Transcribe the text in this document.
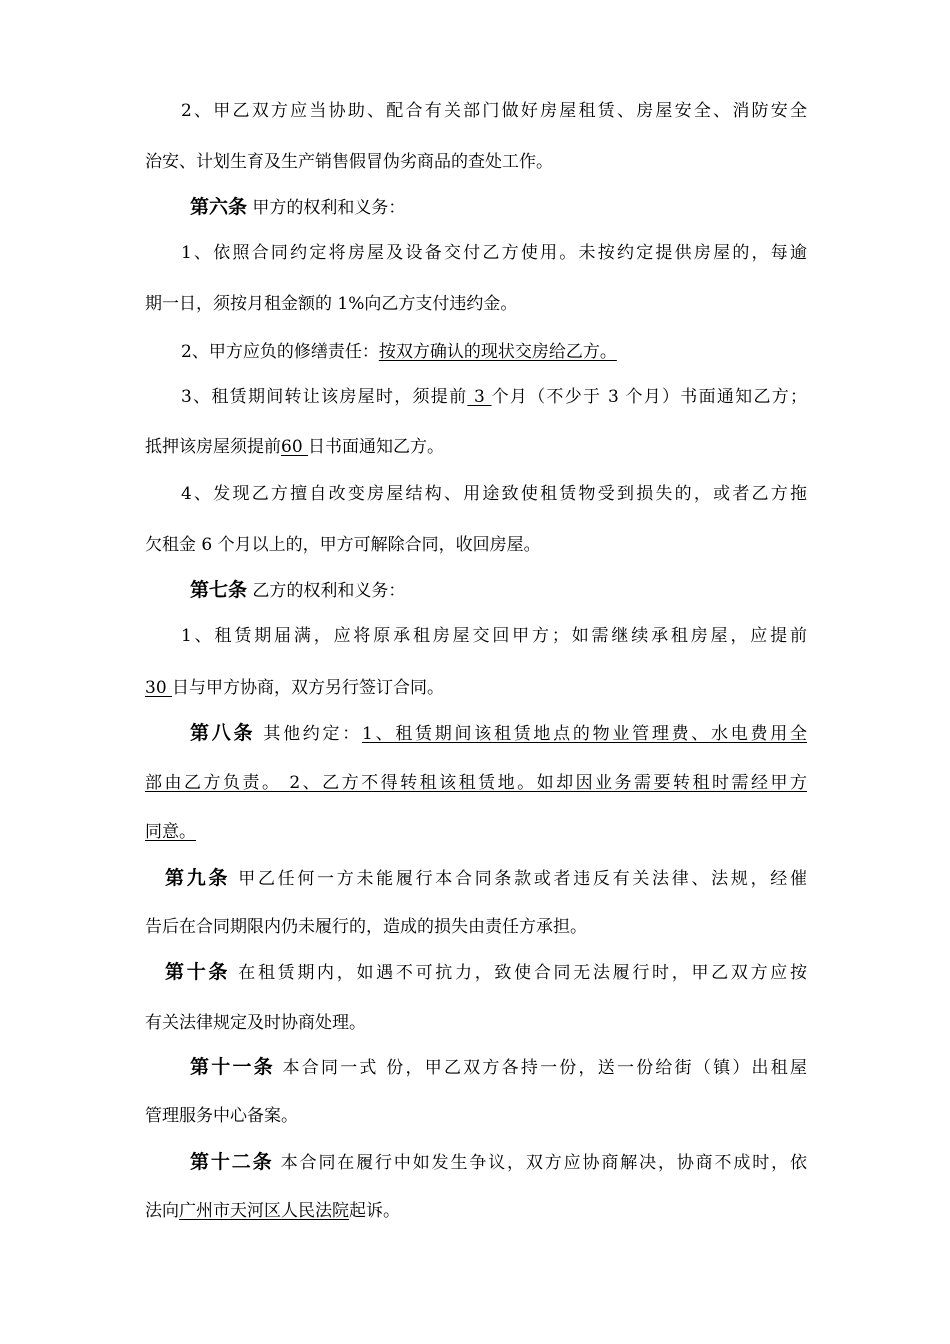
2、甲乙双方应当协助、配合有关部门做好房屋租赁、房屋安全、消防安全
治安、计划生育及生产销售假冒伪劣商品的查处工作。
第六条 甲方的权利和义务：
1、依照合同约定将房屋及设备交付乙方使用。未按约定提供房屋的，每逾
期一日，须按月租金额的 1%向乙方支付违约金。
2、甲方应负的修缮责任：按双方确认的现状交房给乙方。
3、租赁期间转让该房屋时，须提前 3 个月（不少于 3 个月）书面通知乙方；
抵押该房屋须提前60 日书面通知乙方。
4、发现乙方擅自改变房屋结构、用途致使租赁物受到损失的，或者乙方拖
欠租金 6 个月以上的，甲方可解除合同，收回房屋。
第七条 乙方的权利和义务：
1、租赁期届满，应将原承租房屋交回甲方；如需继续承租房屋，应提前
30 日与甲方协商，双方另行签订合同。
第八条 其他约定：1、租赁期间该租赁地点的物业管理费、水电费用全
部由乙方负责。 2、乙方不得转租该租赁地。如却因业务需要转租时需经甲方
同意。
第九条 甲乙任何一方未能履行本合同条款或者违反有关法律、法规，经催
告后在合同期限内仍未履行的，造成的损失由责任方承担。
第十条 在租赁期内，如遇不可抗力，致使合同无法履行时，甲乙双方应按
有关法律规定及时协商处理。
第十一条 本合同一式 份，甲乙双方各持一份，送一份给街（镇）出租屋
管理服务中心备案。
第十二条 本合同在履行中如发生争议，双方应协商解决，协商不成时，依
法向广州市天河区人民法院起诉。
